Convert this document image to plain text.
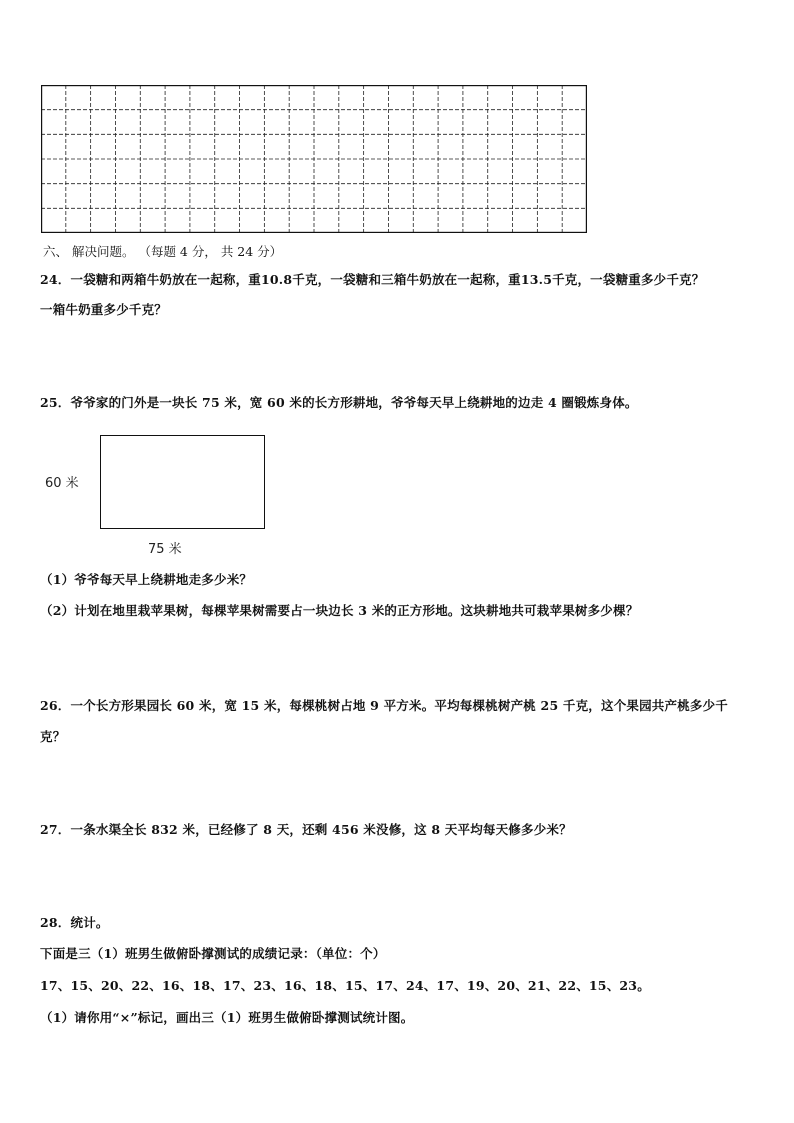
六、 解决问题。 （每题 4 分， 共 24 分）
24．一袋糖和两箱牛奶放在一起称，重10.8千克，一袋糖和三箱牛奶放在一起称，重13.5千克，一袋糖重多少千克？
一箱牛奶重多少千克？
25．爷爷家的门外是一块长 75 米，宽 60 米的长方形耕地，爷爷每天早上绕耕地的边走 4 圈锻炼身体。
60 米
75 米
（1）爷爷每天早上绕耕地走多少米？
（2）计划在地里栽苹果树，每棵苹果树需要占一块边长 3 米的正方形地。这块耕地共可栽苹果树多少棵？
26．一个长方形果园长 60 米，宽 15 米，每棵桃树占地 9 平方米。平均每棵桃树产桃 25 千克，这个果园共产桃多少千
克？
27．一条水渠全长 832 米，已经修了 8 天，还剩 456 米没修，这 8 天平均每天修多少米？
28．统计。
下面是三（1）班男生做俯卧撑测试的成绩记录：（单位：个）
17、15、20、22、16、18、17、23、16、18、15、17、24、17、19、20、21、22、15、23。
（1）请你用“×”标记，画出三（1）班男生做俯卧撑测试统计图。
